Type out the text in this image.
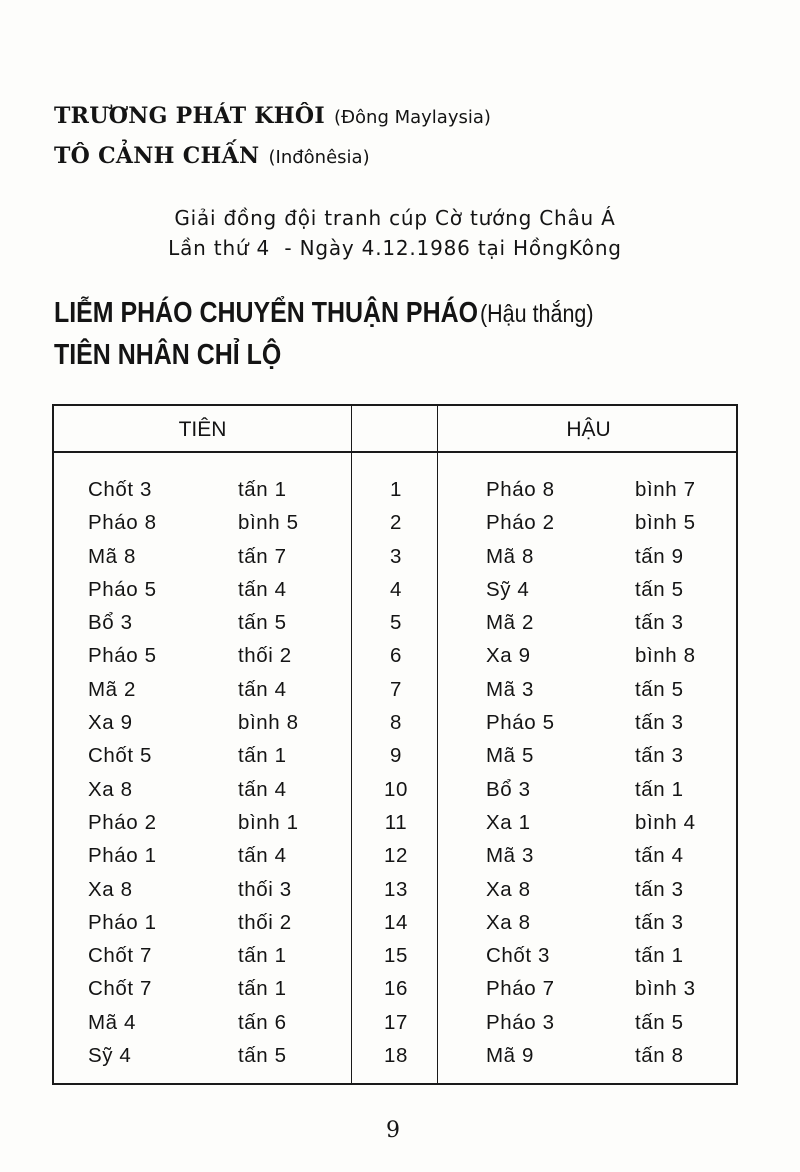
TRƯƠNG PHÁT KHÔI (Đông Maylaysia)
TÔ CẢNH CHẤN (Inđônêsia)
Giải đồng đội tranh cúp Cờ tướng Châu Á
Lần thứ 4  - Ngày 4.12.1986 tại HồngKông
LIỄM PHÁO CHUYỂN THUẬN PHÁO (Hậu thắng)
TIÊN NHÂN CHỈ LỘ
TIÊN	HẬU
Chốt 3	tấn 1	1	Pháo 8	bình 7
Pháo 8	bình 5	2	Pháo 2	bình 5
Mã 8	tấn 7	3	Mã 8	tấn 9
Pháo 5	tấn 4	4	Sỹ 4	tấn 5
Bổ 3	tấn 5	5	Mã 2	tấn 3
Pháo 5	thối 2	6	Xa 9	bình 8
Mã 2	tấn 4	7	Mã 3	tấn 5
Xa 9	bình 8	8	Pháo 5	tấn 3
Chốt 5	tấn 1	9	Mã 5	tấn 3
Xa 8	tấn 4	10	Bổ 3	tấn 1
Pháo 2	bình 1	11	Xa 1	bình 4
Pháo 1	tấn 4	12	Mã 3	tấn 4
Xa 8	thối 3	13	Xa 8	tấn 3
Pháo 1	thối 2	14	Xa 8	tấn 3
Chốt 7	tấn 1	15	Chốt 3	tấn 1
Chốt 7	tấn 1	16	Pháo 7	bình 3
Mã 4	tấn 6	17	Pháo 3	tấn 5
Sỹ 4	tấn 5	18	Mã 9	tấn 8
9
